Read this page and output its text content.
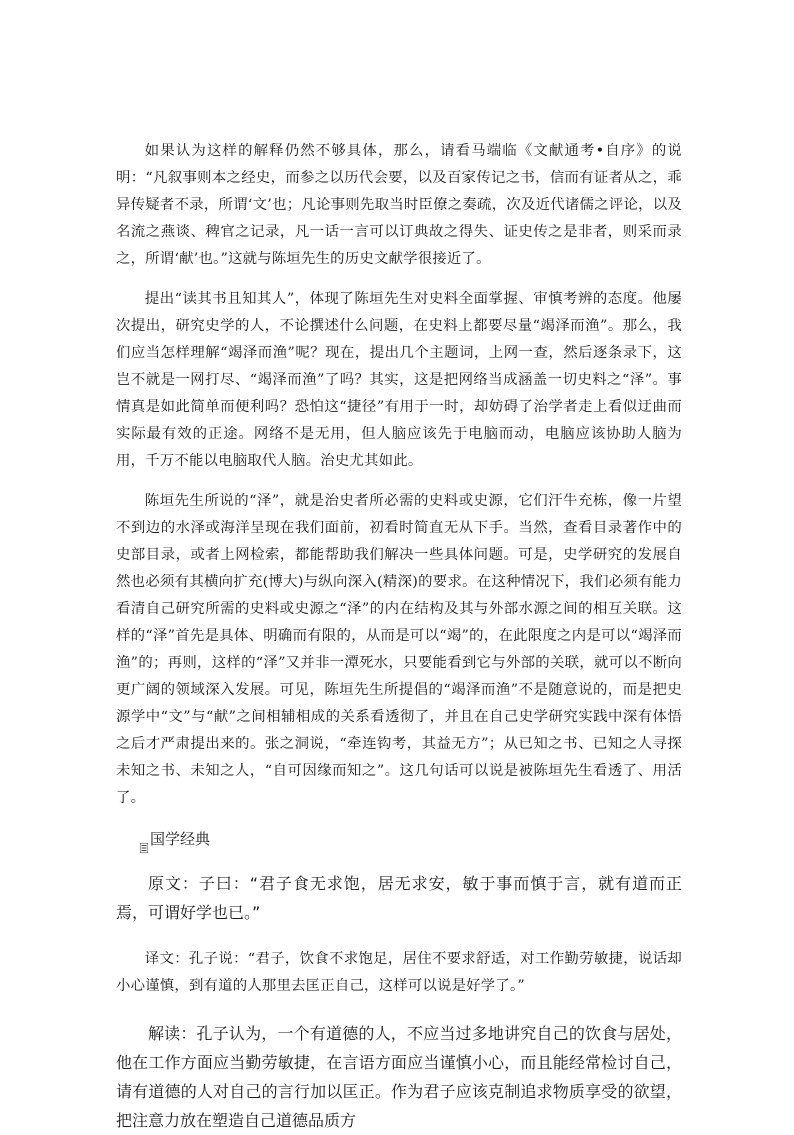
如果认为这样的解释仍然不够具体，那么，请看马端临《文献通考•自序》的说明：“凡叙事则本之经史，而参之以历代会要，以及百家传记之书，信而有证者从之，乖异传疑者不录，所谓‘文’也；凡论事则先取当时臣僚之奏疏，次及近代诸儒之评论，以及名流之燕谈、稗官之记录，凡一话一言可以订典故之得失、证史传之是非者，则采而录之，所谓‘献’也。”这就与陈垣先生的历史文献学很接近了。

提出“读其书且知其人”，体现了陈垣先生对史料全面掌握、审慎考辨的态度。他屡次提出，研究史学的人，不论撰述什么问题，在史料上都要尽量“竭泽而渔”。那么，我们应当怎样理解“竭泽而渔”呢？现在，提出几个主题词，上网一查，然后逐条录下，这岂不就是一网打尽、“竭泽而渔”了吗？其实，这是把网络当成涵盖一切史料之“泽”。事情真是如此简单而便利吗？恐怕这“捷径”有用于一时，却妨碍了治学者走上看似迂曲而实际最有效的正途。网络不是无用，但人脑应该先于电脑而动，电脑应该协助人脑为用，千万不能以电脑取代人脑。治史尤其如此。

陈垣先生所说的“泽”，就是治史者所必需的史料或史源，它们汗牛充栋，像一片望不到边的水泽或海洋呈现在我们面前，初看时简直无从下手。当然，查看目录著作中的史部目录，或者上网检索，都能帮助我们解决一些具体问题。可是，史学研究的发展自然也必须有其横向扩充(博大)与纵向深入(精深)的要求。在这种情况下，我们必须有能力看清自己研究所需的史料或史源之“泽”的内在结构及其与外部水源之间的相互关联。这样的“泽”首先是具体、明确而有限的，从而是可以“竭”的，在此限度之内是可以“竭泽而渔”的；再则，这样的“泽”又并非一潭死水，只要能看到它与外部的关联，就可以不断向更广阔的领域深入发展。可见，陈垣先生所提倡的“竭泽而渔”不是随意说的，而是把史源学中“文”与“献”之间相辅相成的关系看透彻了，并且在自己史学研究实践中深有体悟之后才严肃提出来的。张之洞说，“牵连钩考，其益无方”；从已知之书、已知之人寻探未知之书、未知之人，“自可因缘而知之”。这几句话可以说是被陈垣先生看透了、用活了。

国学经典

原文：子曰：“君子食无求饱，居无求安，敏于事而慎于言，就有道而正焉，可谓好学也已。”

译文：孔子说：“君子，饮食不求饱足，居住不要求舒适，对工作勤劳敏捷，说话却小心谨慎，到有道的人那里去匡正自己，这样可以说是好学了。”

解读：孔子认为，一个有道德的人，不应当过多地讲究自己的饮食与居处，他在工作方面应当勤劳敏捷，在言语方面应当谨慎小心，而且能经常检讨自己，请有道德的人对自己的言行加以匡正。作为君子应该克制追求物质享受的欲望，把注意力放在塑造自己道德品质方
